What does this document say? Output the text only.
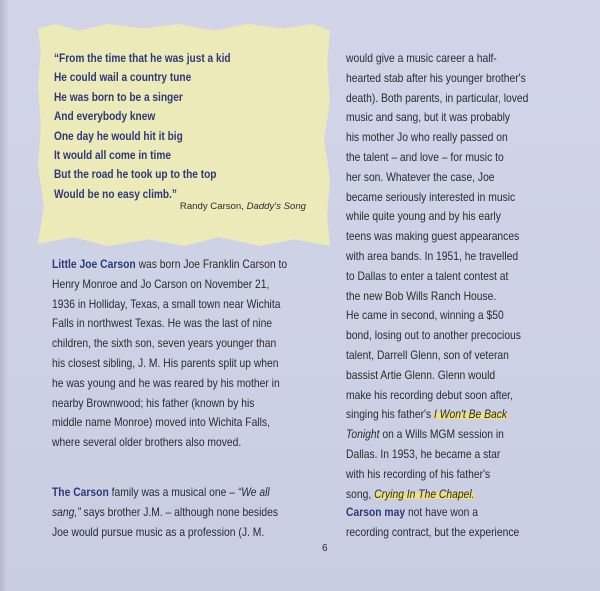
“From the time that he was just a kid
He could wail a country tune
He was born to be a singer
And everybody knew
One day he would hit it big
It would all come in time
But the road he took up to the top
Would be no easy climb.”
Randy Carson, Daddy's Song

Little Joe Carson was born Joe Franklin Carson to

Henry Monroe and Jo Carson on November 21,

1936 in Holliday, Texas, a small town near Wichita

Falls in northwest Texas. He was the last of nine

children, the sixth son, seven years younger than

his closest sibling, J. M. His parents split up when

he was young and he was reared by his mother in

nearby Brownwood; his father (known by his

middle name Monroe) moved into Wichita Falls,

where several older brothers also moved.

The Carson family was a musical one – “We all

sang,” says brother J.M. – although none besides

Joe would pursue music as a profession (J. M.

would give a music career a half-

hearted stab after his younger brother's

death). Both parents, in particular, loved

music and sang, but it was probably

his mother Jo who really passed on

the talent – and love – for music to

her son. Whatever the case, Joe

became seriously interested in music

while quite young and by his early

teens was making guest appearances

with area bands. In 1951, he travelled

to Dallas to enter a talent contest at

the new Bob Wills Ranch House.

He came in second, winning a $50

bond, losing out to another precocious

talent, Darrell Glenn, son of veteran

bassist Artie Glenn. Glenn would

make his recording debut soon after,

singing his father's I Won't Be Back

Tonight on a Wills MGM session in

Dallas. In 1953, he became a star

with his recording of his father's

song, Crying In The Chapel.

Carson may not have won a

recording contract, but the experience

6
